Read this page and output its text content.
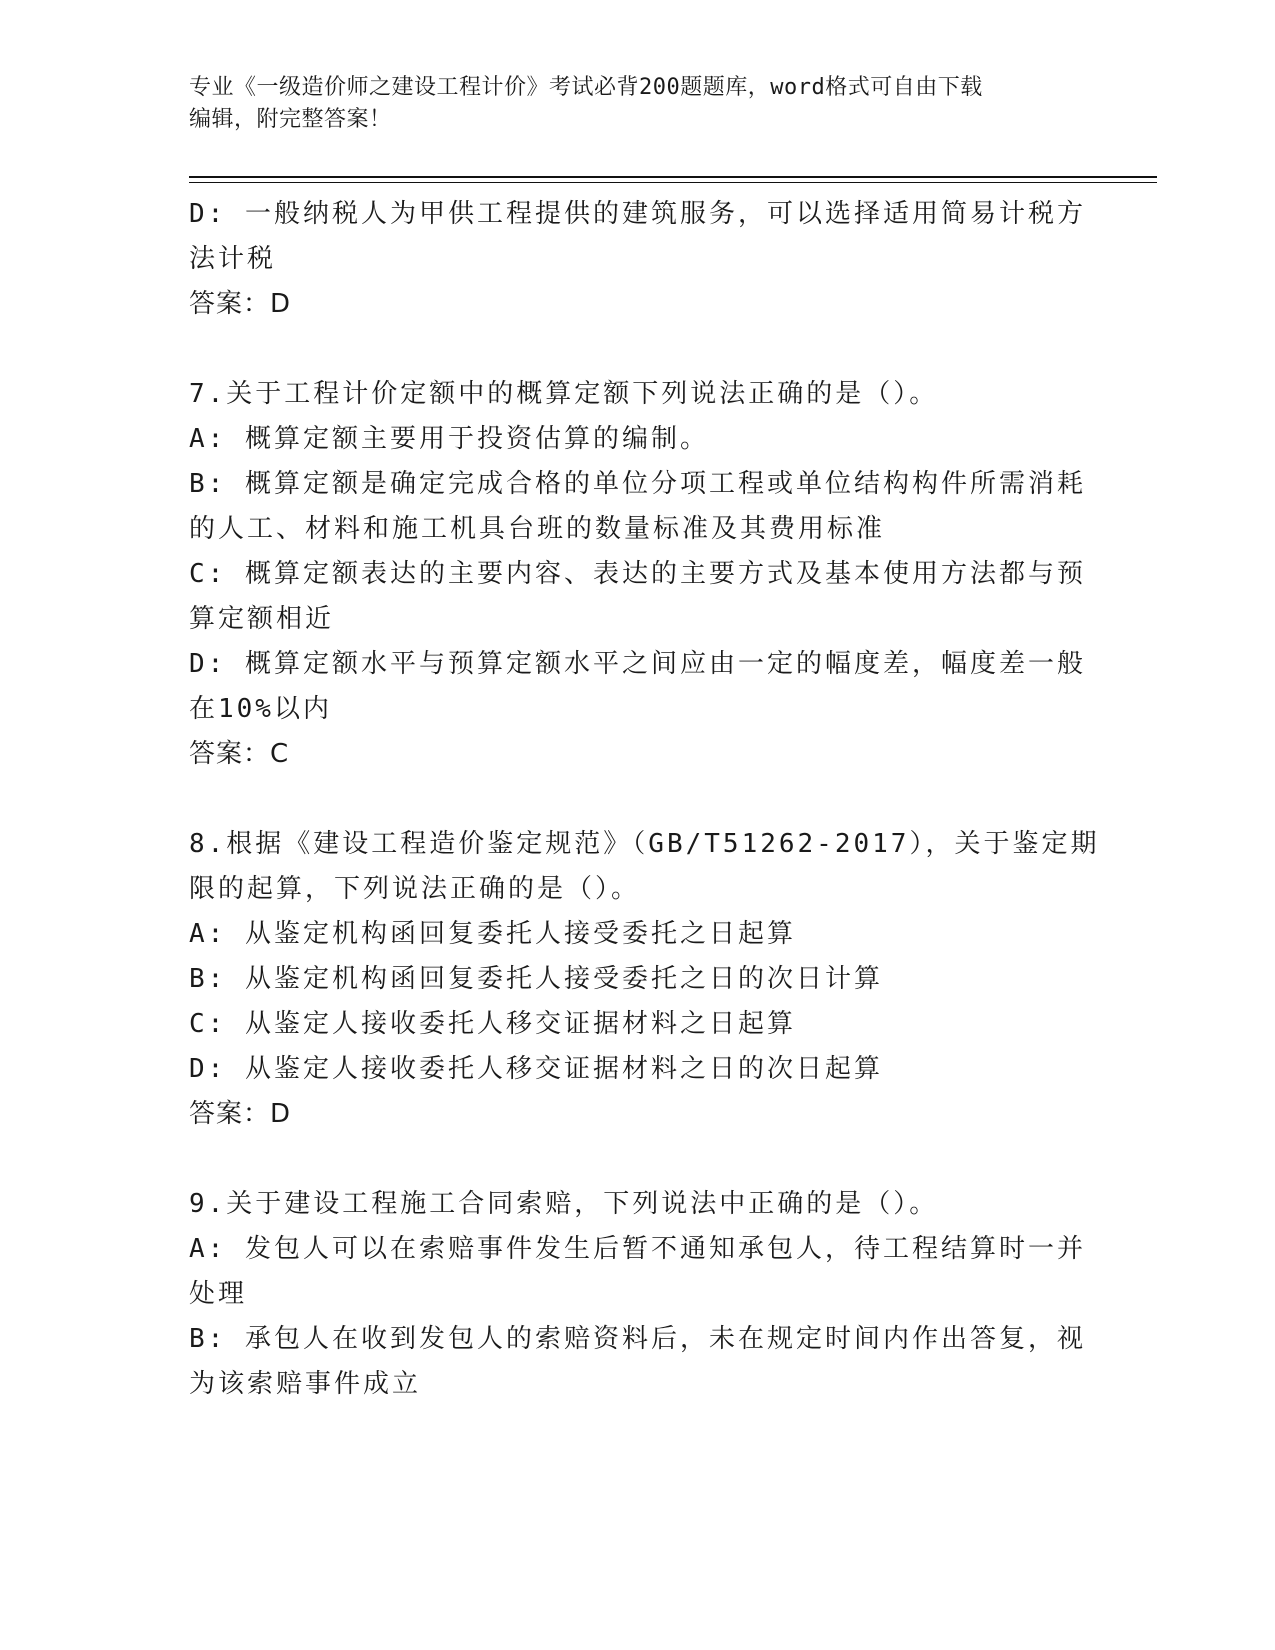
专业《一级造价师之建设工程计价》考试必背200题题库，word格式可自由下载
编辑，附完整答案！
D: 一般纳税人为甲供工程提供的建筑服务，可以选择适用简易计税方
法计税
答案：D
7.关于工程计价定额中的概算定额下列说法正确的是（）。
A: 概算定额主要用于投资估算的编制。
B: 概算定额是确定完成合格的单位分项工程或单位结构构件所需消耗
的人工、材料和施工机具台班的数量标准及其费用标准
C: 概算定额表达的主要内容、表达的主要方式及基本使用方法都与预
算定额相近
D: 概算定额水平与预算定额水平之间应由一定的幅度差，幅度差一般
在10%以内
答案：C
8.根据《建设工程造价鉴定规范》（GB/T51262-2017），关于鉴定期
限的起算，下列说法正确的是（）。
A: 从鉴定机构函回复委托人接受委托之日起算
B: 从鉴定机构函回复委托人接受委托之日的次日计算
C: 从鉴定人接收委托人移交证据材料之日起算
D: 从鉴定人接收委托人移交证据材料之日的次日起算
答案：D
9.关于建设工程施工合同索赔，下列说法中正确的是（）。
A: 发包人可以在索赔事件发生后暂不通知承包人，待工程结算时一并
处理
B: 承包人在收到发包人的索赔资料后，未在规定时间内作出答复，视
为该索赔事件成立
